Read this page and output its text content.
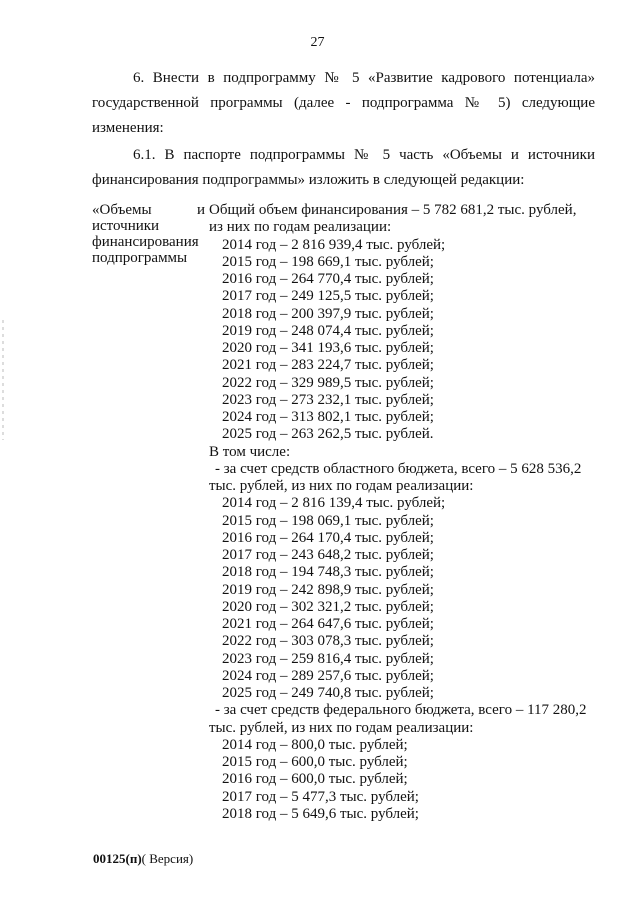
27
6. Внести в подпрограмму № 5 «Развитие кадрового потенциала»
государственной программы (далее - подпрограмма № 5) следующие
изменения:
6.1. В паспорте подпрограммы № 5 часть «Объемы и источники
финансирования подпрограммы» изложить в следующей редакции:
«Объемы	и
источники
финансирования
подпрограммы
Общий объем финансирования – 5 782 681,2 тыс. рублей,
из них по годам реализации:
2014 год – 2 816 939,4 тыс. рублей;
2015 год – 198 669,1 тыс. рублей;
2016 год – 264 770,4 тыс. рублей;
2017 год – 249 125,5 тыс. рублей;
2018 год – 200 397,9 тыс. рублей;
2019 год – 248 074,4 тыс. рублей;
2020 год – 341 193,6 тыс. рублей;
2021 год – 283 224,7 тыс. рублей;
2022 год – 329 989,5 тыс. рублей;
2023 год – 273 232,1 тыс. рублей;
2024 год – 313 802,1 тыс. рублей;
2025 год – 263 262,5 тыс. рублей.
В том числе:
- за счет средств областного бюджета, всего – 5 628 536,2
тыс. рублей, из них по годам реализации:
2014 год – 2 816 139,4 тыс. рублей;
2015 год – 198 069,1 тыс. рублей;
2016 год – 264 170,4 тыс. рублей;
2017 год – 243 648,2 тыс. рублей;
2018 год – 194 748,3 тыс. рублей;
2019 год – 242 898,9 тыс. рублей;
2020 год – 302 321,2 тыс. рублей;
2021 год – 264 647,6 тыс. рублей;
2022 год – 303 078,3 тыс. рублей;
2023 год – 259 816,4 тыс. рублей;
2024 год – 289 257,6 тыс. рублей;
2025 год – 249 740,8 тыс. рублей;
- за счет средств федерального бюджета, всего – 117 280,2
тыс. рублей, из них по годам реализации:
2014 год – 800,0 тыс. рублей;
2015 год – 600,0 тыс. рублей;
2016 год – 600,0 тыс. рублей;
2017 год – 5 477,3 тыс. рублей;
2018 год – 5 649,6 тыс. рублей;
00125(п)( Версия)
